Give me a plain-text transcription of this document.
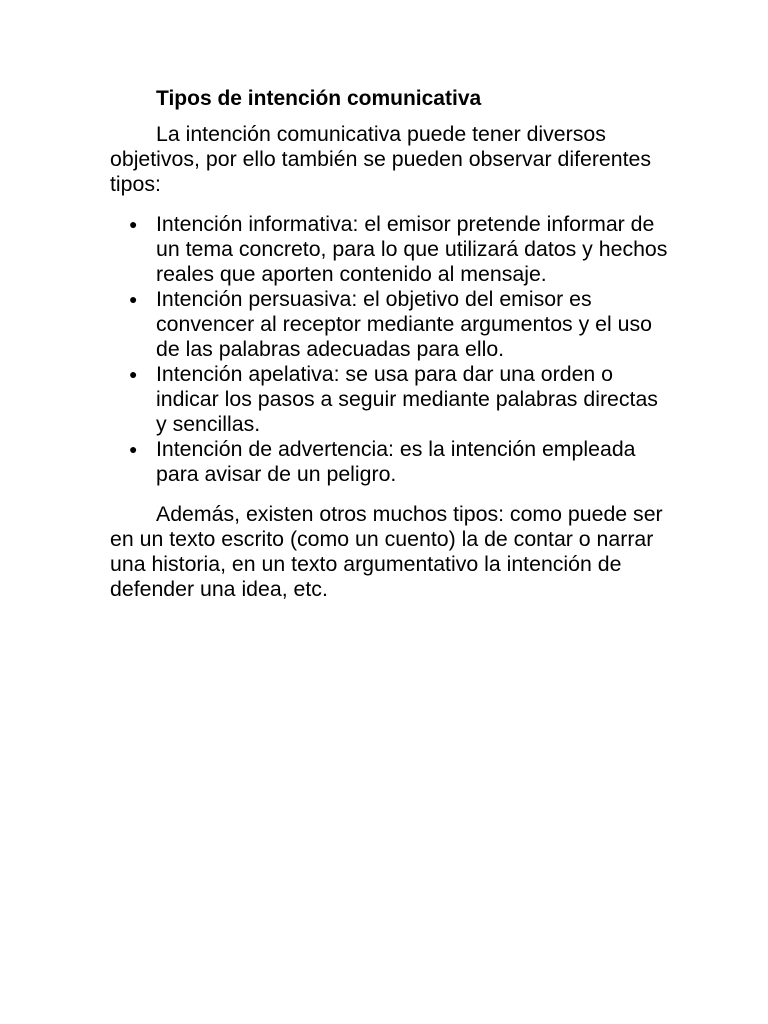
Tipos de intención comunicativa

La intención comunicativa puede tener diversos objetivos, por ello también se pueden observar diferentes tipos:

● Intención informativa: el emisor pretende informar de un tema concreto, para lo que utilizará datos y hechos reales que aporten contenido al mensaje.
● Intención persuasiva: el objetivo del emisor es convencer al receptor mediante argumentos y el uso de las palabras adecuadas para ello.
● Intención apelativa: se usa para dar una orden o indicar los pasos a seguir mediante palabras directas y sencillas.
● Intención de advertencia: es la intención empleada para avisar de un peligro.

Además, existen otros muchos tipos: como puede ser en un texto escrito (como un cuento) la de contar o narrar una historia, en un texto argumentativo la intención de defender una idea, etc.
